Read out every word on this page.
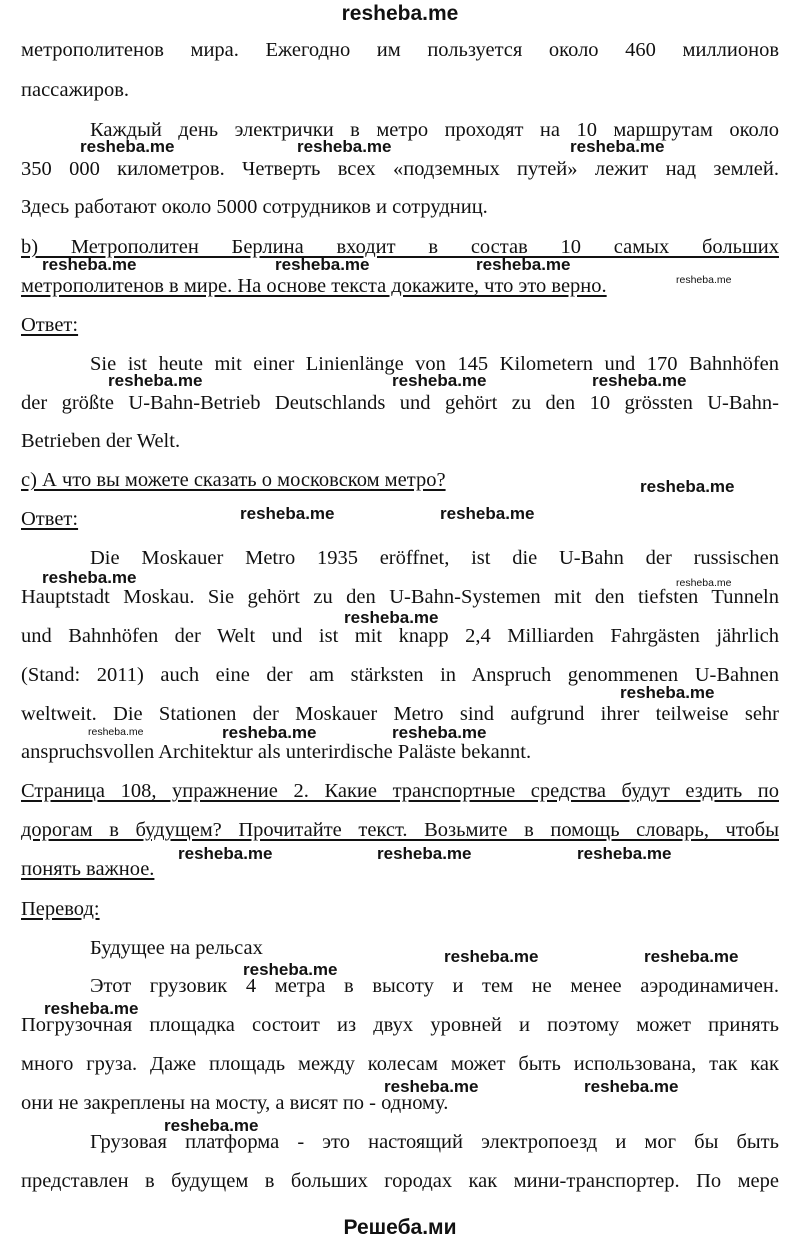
resheba.me
метрополитенов мира. Ежегодно им пользуется около 460 миллионов
пассажиров.
Каждый день электрички в метро проходят на 10 маршрутам около
350 000 километров. Четверть всех «подземных путей» лежит над землей.
Здесь работают около 5000 сотрудников и сотрудниц.
b) Метрополитен Берлина входит в состав 10 самых больших
метрополитенов в мире. На основе текста докажите, что это верно.
Ответ:
Sie ist heute mit einer Linienlänge von 145 Kilometern und 170 Bahnhöfen
der größte U-Bahn-Betrieb Deutschlands und gehört zu den 10 grössten U-Bahn-
Betrieben der Welt.
c) А что вы можете сказать о московском метро?
Ответ:
Die Moskauer Metro 1935 eröffnet, ist die U-Bahn der russischen
Hauptstadt Moskau. Sie gehört zu den U-Bahn-Systemen mit den tiefsten Tunneln
und Bahnhöfen der Welt und ist mit knapp 2,4 Milliarden Fahrgästen jährlich
(Stand: 2011) auch eine der am stärksten in Anspruch genommenen U-Bahnen
weltweit. Die Stationen der Moskauer Metro sind aufgrund ihrer teilweise sehr
anspruchsvollen Architektur als unterirdische Paläste bekannt.
Страница 108, упражнение 2. Какие транспортные средства будут ездить по
дорогам в будущем? Прочитайте текст. Возьмите в помощь словарь, чтобы
понять важное.
Перевод:
Будущее на рельсах
Этот грузовик 4 метра в высоту и тем не менее аэродинамичен.
Погрузочная площадка состоит из двух уровней и поэтому может принять
много груза. Даже площадь между колесам может быть использована, так как
они не закреплены на мосту, а висят по - одному.
Грузовая платформа - это настоящий электропоезд и мог бы быть
представлен в будущем в больших городах как мини-транспортер. По мере
resheba.me	resheba.me	resheba.me
resheba.me	resheba.me	resheba.me
resheba.me
resheba.me	resheba.me	resheba.me
resheba.me
resheba.me	resheba.me
resheba.me	resheba.me
resheba.me
resheba.me
resheba.me	resheba.me	resheba.me
resheba.me	resheba.me	resheba.me
resheba.me	resheba.me
resheba.me
resheba.me
resheba.me	resheba.me
resheba.me
Решеба.ми
